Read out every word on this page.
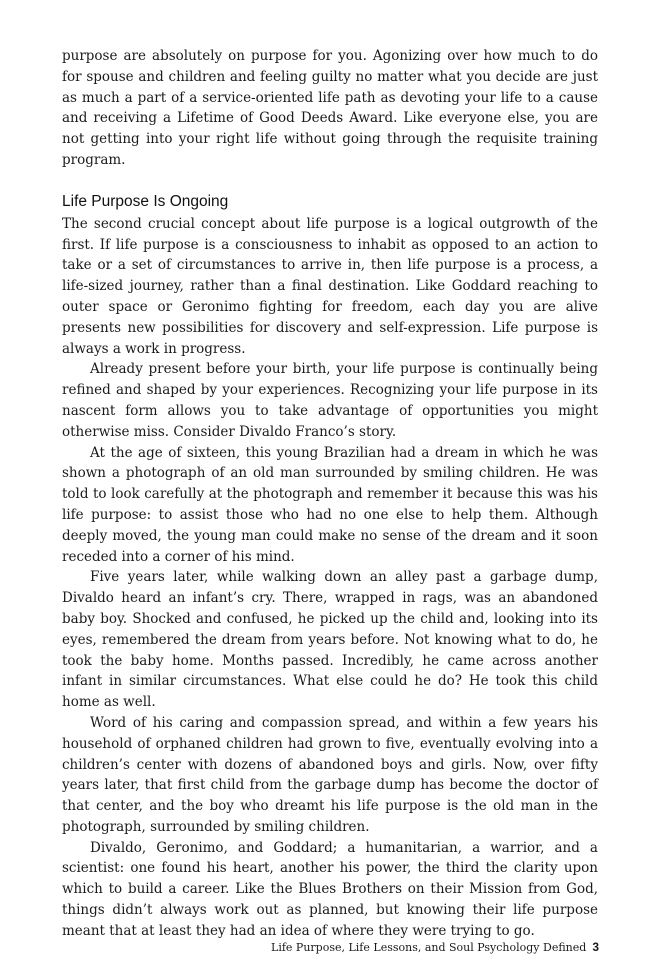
purpose are absolutely on purpose for you. Agonizing over how much to do for spouse and children and feeling guilty no matter what you decide are just as much a part of a service-oriented life path as devoting your life to a cause and receiving a Lifetime of Good Deeds Award. Like everyone else, you are not getting into your right life without going through the requisite training program.

Life Purpose Is Ongoing

The second crucial concept about life purpose is a logical outgrowth of the first. If life purpose is a consciousness to inhabit as opposed to an action to take or a set of circumstances to arrive in, then life purpose is a process, a life-sized journey, rather than a final destination. Like Goddard reaching to outer space or Geronimo fighting for freedom, each day you are alive presents new possibilities for discovery and self-expression. Life purpose is always a work in progress.

Already present before your birth, your life purpose is continually being refined and shaped by your experiences. Recognizing your life purpose in its nascent form allows you to take advantage of opportunities you might otherwise miss. Consider Divaldo Franco’s story.

At the age of sixteen, this young Brazilian had a dream in which he was shown a photograph of an old man surrounded by smiling children. He was told to look carefully at the photograph and remember it because this was his life purpose: to assist those who had no one else to help them. Although deeply moved, the young man could make no sense of the dream and it soon receded into a corner of his mind.

Five years later, while walking down an alley past a garbage dump, Divaldo heard an infant’s cry. There, wrapped in rags, was an abandoned baby boy. Shocked and confused, he picked up the child and, looking into its eyes, remembered the dream from years before. Not knowing what to do, he took the baby home. Months passed. Incredibly, he came across another infant in similar circumstances. What else could he do? He took this child home as well.

Word of his caring and compassion spread, and within a few years his household of orphaned children had grown to five, eventually evolving into a children’s center with dozens of abandoned boys and girls. Now, over fifty years later, that first child from the garbage dump has become the doctor of that center, and the boy who dreamt his life purpose is the old man in the photograph, surrounded by smiling children.

Divaldo, Geronimo, and Goddard; a humanitarian, a warrior, and a scientist: one found his heart, another his power, the third the clarity upon which to build a career. Like the Blues Brothers on their Mission from God, things didn’t always work out as planned, but knowing their life purpose meant that at least they had an idea of where they were trying to go.

Life Purpose, Life Lessons, and Soul Psychology Defined 3
